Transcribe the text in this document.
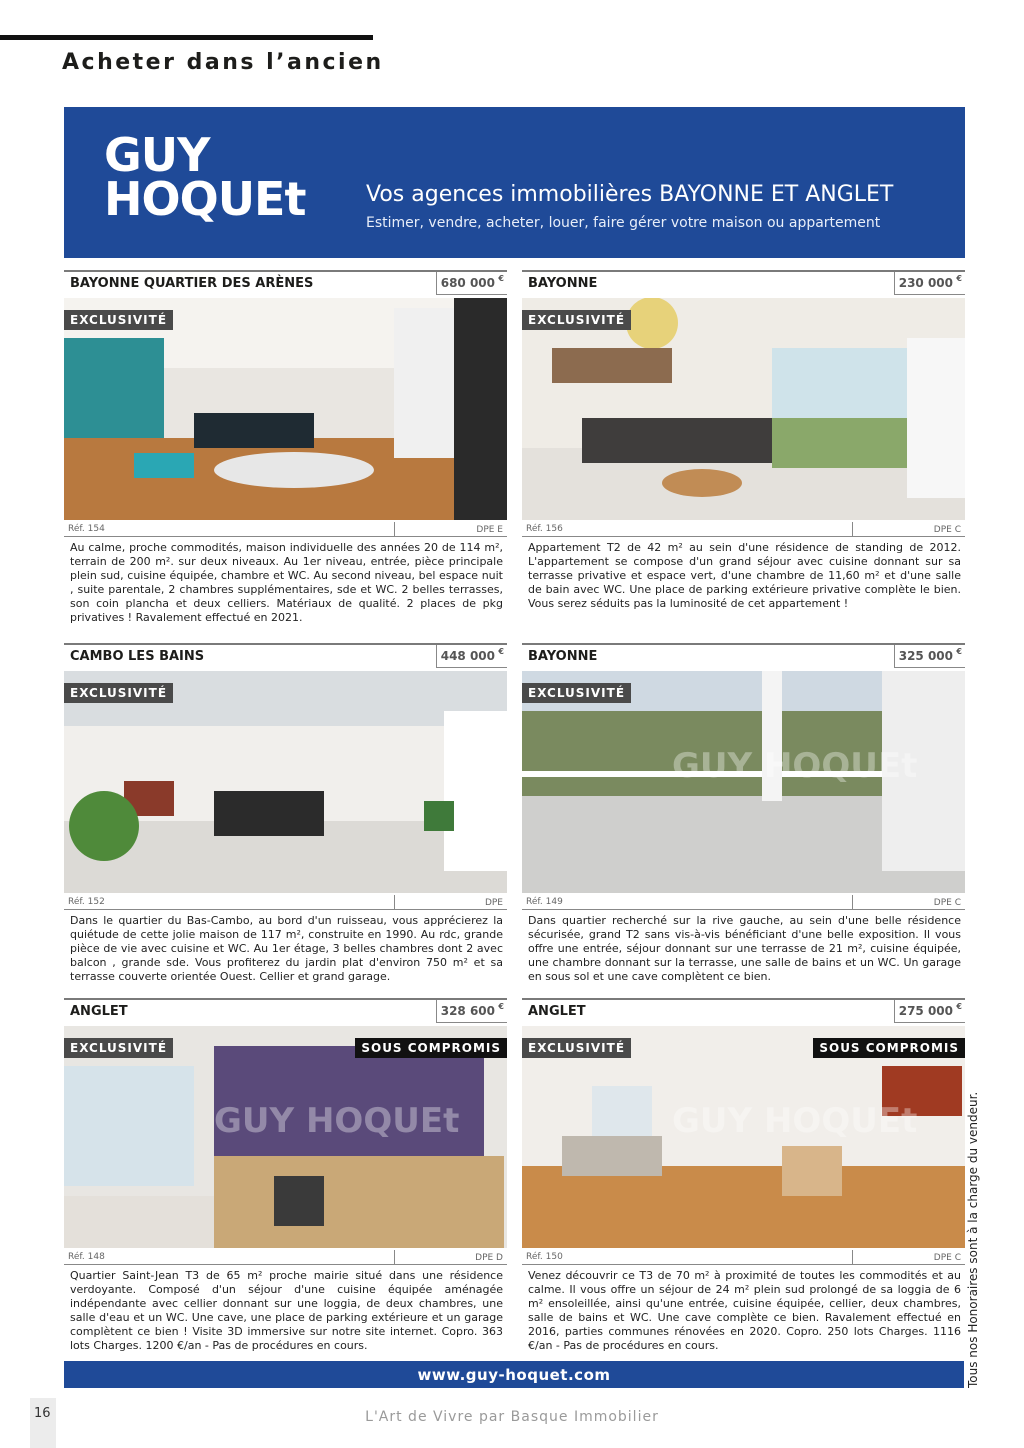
Acheter dans l’ancien
GUY
HOQUEt	Vos agences immobilières BAYONNE ET ANGLET
Estimer, vendre, acheter, louer, faire gérer votre maison ou appartement
BAYONNE QUARTIER DES ARÈNES	680 000 €
EXCLUSIVITÉ
Réf. 154	DPE E
Au calme, proche commodités, maison individuelle des années 20 de 114 m², terrain de 200 m². sur deux niveaux. Au 1er niveau, entrée, pièce principale plein sud, cuisine équipée, chambre et WC. Au second niveau, bel espace nuit , suite parentale, 2 chambres supplémentaires, sde et WC. 2 belles terrasses, son coin plancha et deux celliers. Matériaux de qualité. 2 places de pkg privatives ! Ravalement effectué en 2021.
BAYONNE	230 000 €
EXCLUSIVITÉ
Réf. 156	DPE C
Appartement T2 de 42 m² au sein d'une résidence de standing de 2012. L'appartement se compose d'un grand séjour avec cuisine donnant sur sa terrasse privative et espace vert, d'une chambre de 11,60 m² et d'une salle de bain avec WC. Une place de parking extérieure privative complète le bien. Vous serez séduits pas la luminosité de cet appartement !
CAMBO LES BAINS	448 000 €
EXCLUSIVITÉ
Réf. 152	DPE
Dans le quartier du Bas-Cambo, au bord d'un ruisseau, vous apprécierez la quiétude de cette jolie maison de 117 m², construite en 1990. Au rdc, grande pièce de vie avec cuisine et WC. Au 1er étage, 3 belles chambres dont 2 avec balcon , grande sde. Vous profiterez du jardin plat d'environ 750 m² et sa terrasse couverte orientée Ouest. Cellier et grand garage.
BAYONNE	325 000 €
EXCLUSIVITÉ
GUY HOQUEt
Réf. 149	DPE C
Dans quartier recherché sur la rive gauche, au sein d'une belle résidence sécurisée, grand T2 sans vis-à-vis bénéficiant d'une belle exposition. Il vous offre une entrée, séjour donnant sur une terrasse de 21 m², cuisine équipée, une chambre donnant sur la terrasse, une salle de bains et un WC. Un garage en sous sol et une cave complètent ce bien.
ANGLET	328 600 €
EXCLUSIVITÉ	SOUS COMPROMIS
GUY HOQUEt
Réf. 148	DPE D
Quartier Saint-Jean T3 de 65 m² proche mairie situé dans une résidence verdoyante. Composé d'un séjour d'une cuisine équipée aménagée indépendante avec cellier donnant sur une loggia, de deux chambres, une salle d'eau et un WC. Une cave, une place de parking extérieure et un garage complètent ce bien ! Visite 3D immersive sur notre site internet. Copro. 363 lots Charges. 1200 €/an - Pas de procédures en cours.
ANGLET	275 000 €
EXCLUSIVITÉ	SOUS COMPROMIS
GUY HOQUEt
Réf. 150	DPE C
Venez découvrir ce T3 de 70 m² à proximité de toutes les commodités et au calme. Il vous offre un séjour de 24 m² plein sud prolongé de sa loggia de 6 m² ensoleillée, ainsi qu'une entrée, cuisine équipée, cellier, deux chambres, salle de bains et WC. Une cave complète ce bien. Ravalement effectué en 2016, parties communes rénovées en 2020. Copro. 250 lots Charges. 1116 €/an - Pas de procédures en cours.
www.guy-hoquet.com	Tous nos Honoraires sont à la charge du vendeur.
16	L'Art de Vivre par Basque Immobilier
